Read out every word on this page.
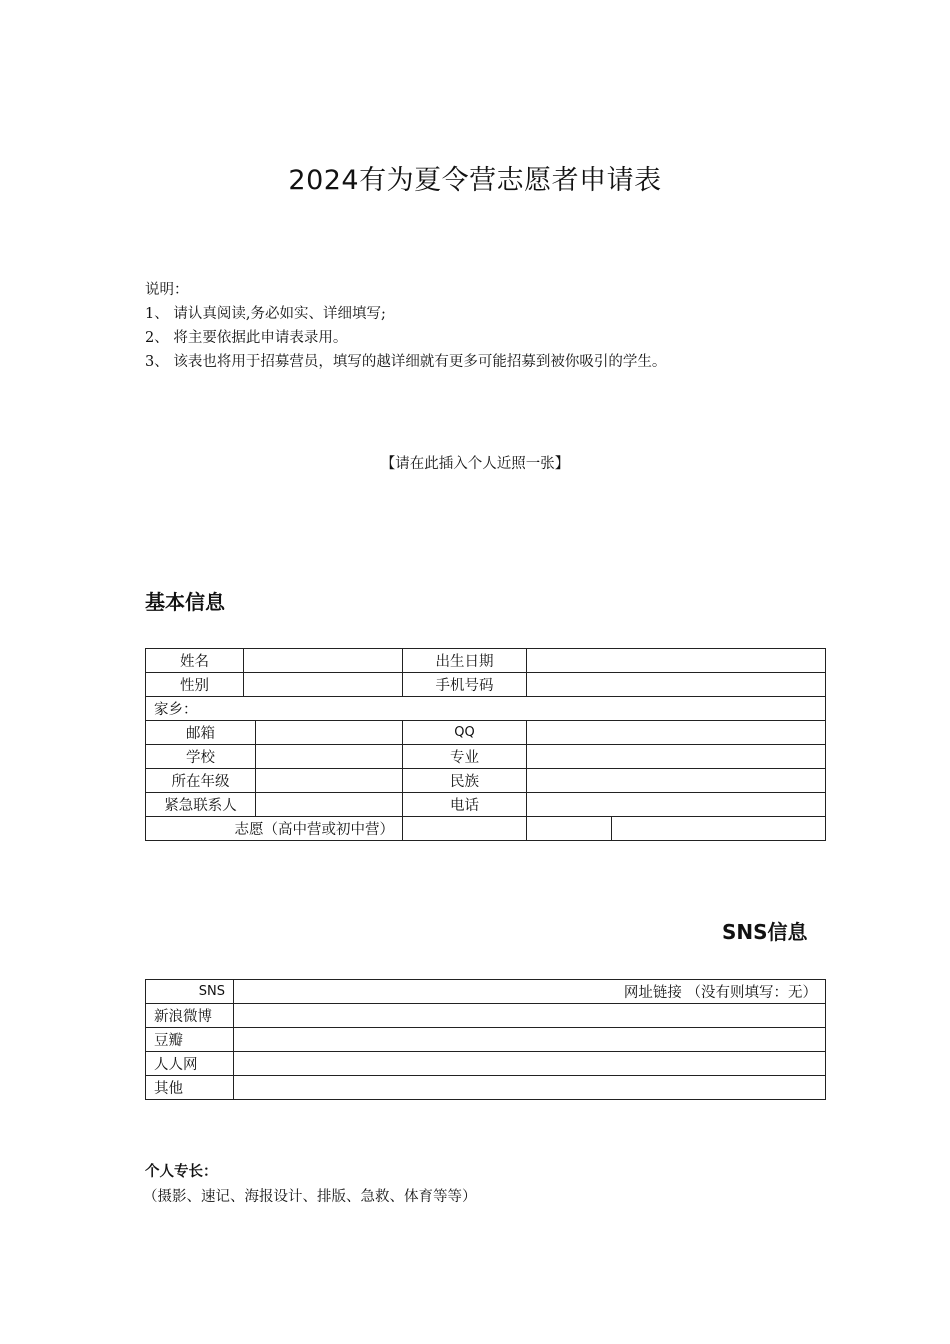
2024有为夏令营志愿者申请表
说明：
1、 请认真阅读,务必如实、详细填写;
2、 将主要依据此申请表录用。
3、 该表也将用于招募营员，填写的越详细就有更多可能招募到被你吸引的学生。
【请在此插入个人近照一张】
基本信息
姓名			出生日期		
性别			手机号码		
家乡：					
邮箱			QQ		
学校			专业		
所在年级			民族		
紧急联系人			电话		
志愿（高中营或初中营）					
SNS信息
SNS	网址链接 （没有则填写：无）
新浪微博	
豆瓣	
人人网	
其他	
个人专长：
（摄影、速记、海报设计、排版、急救、体育等等）
